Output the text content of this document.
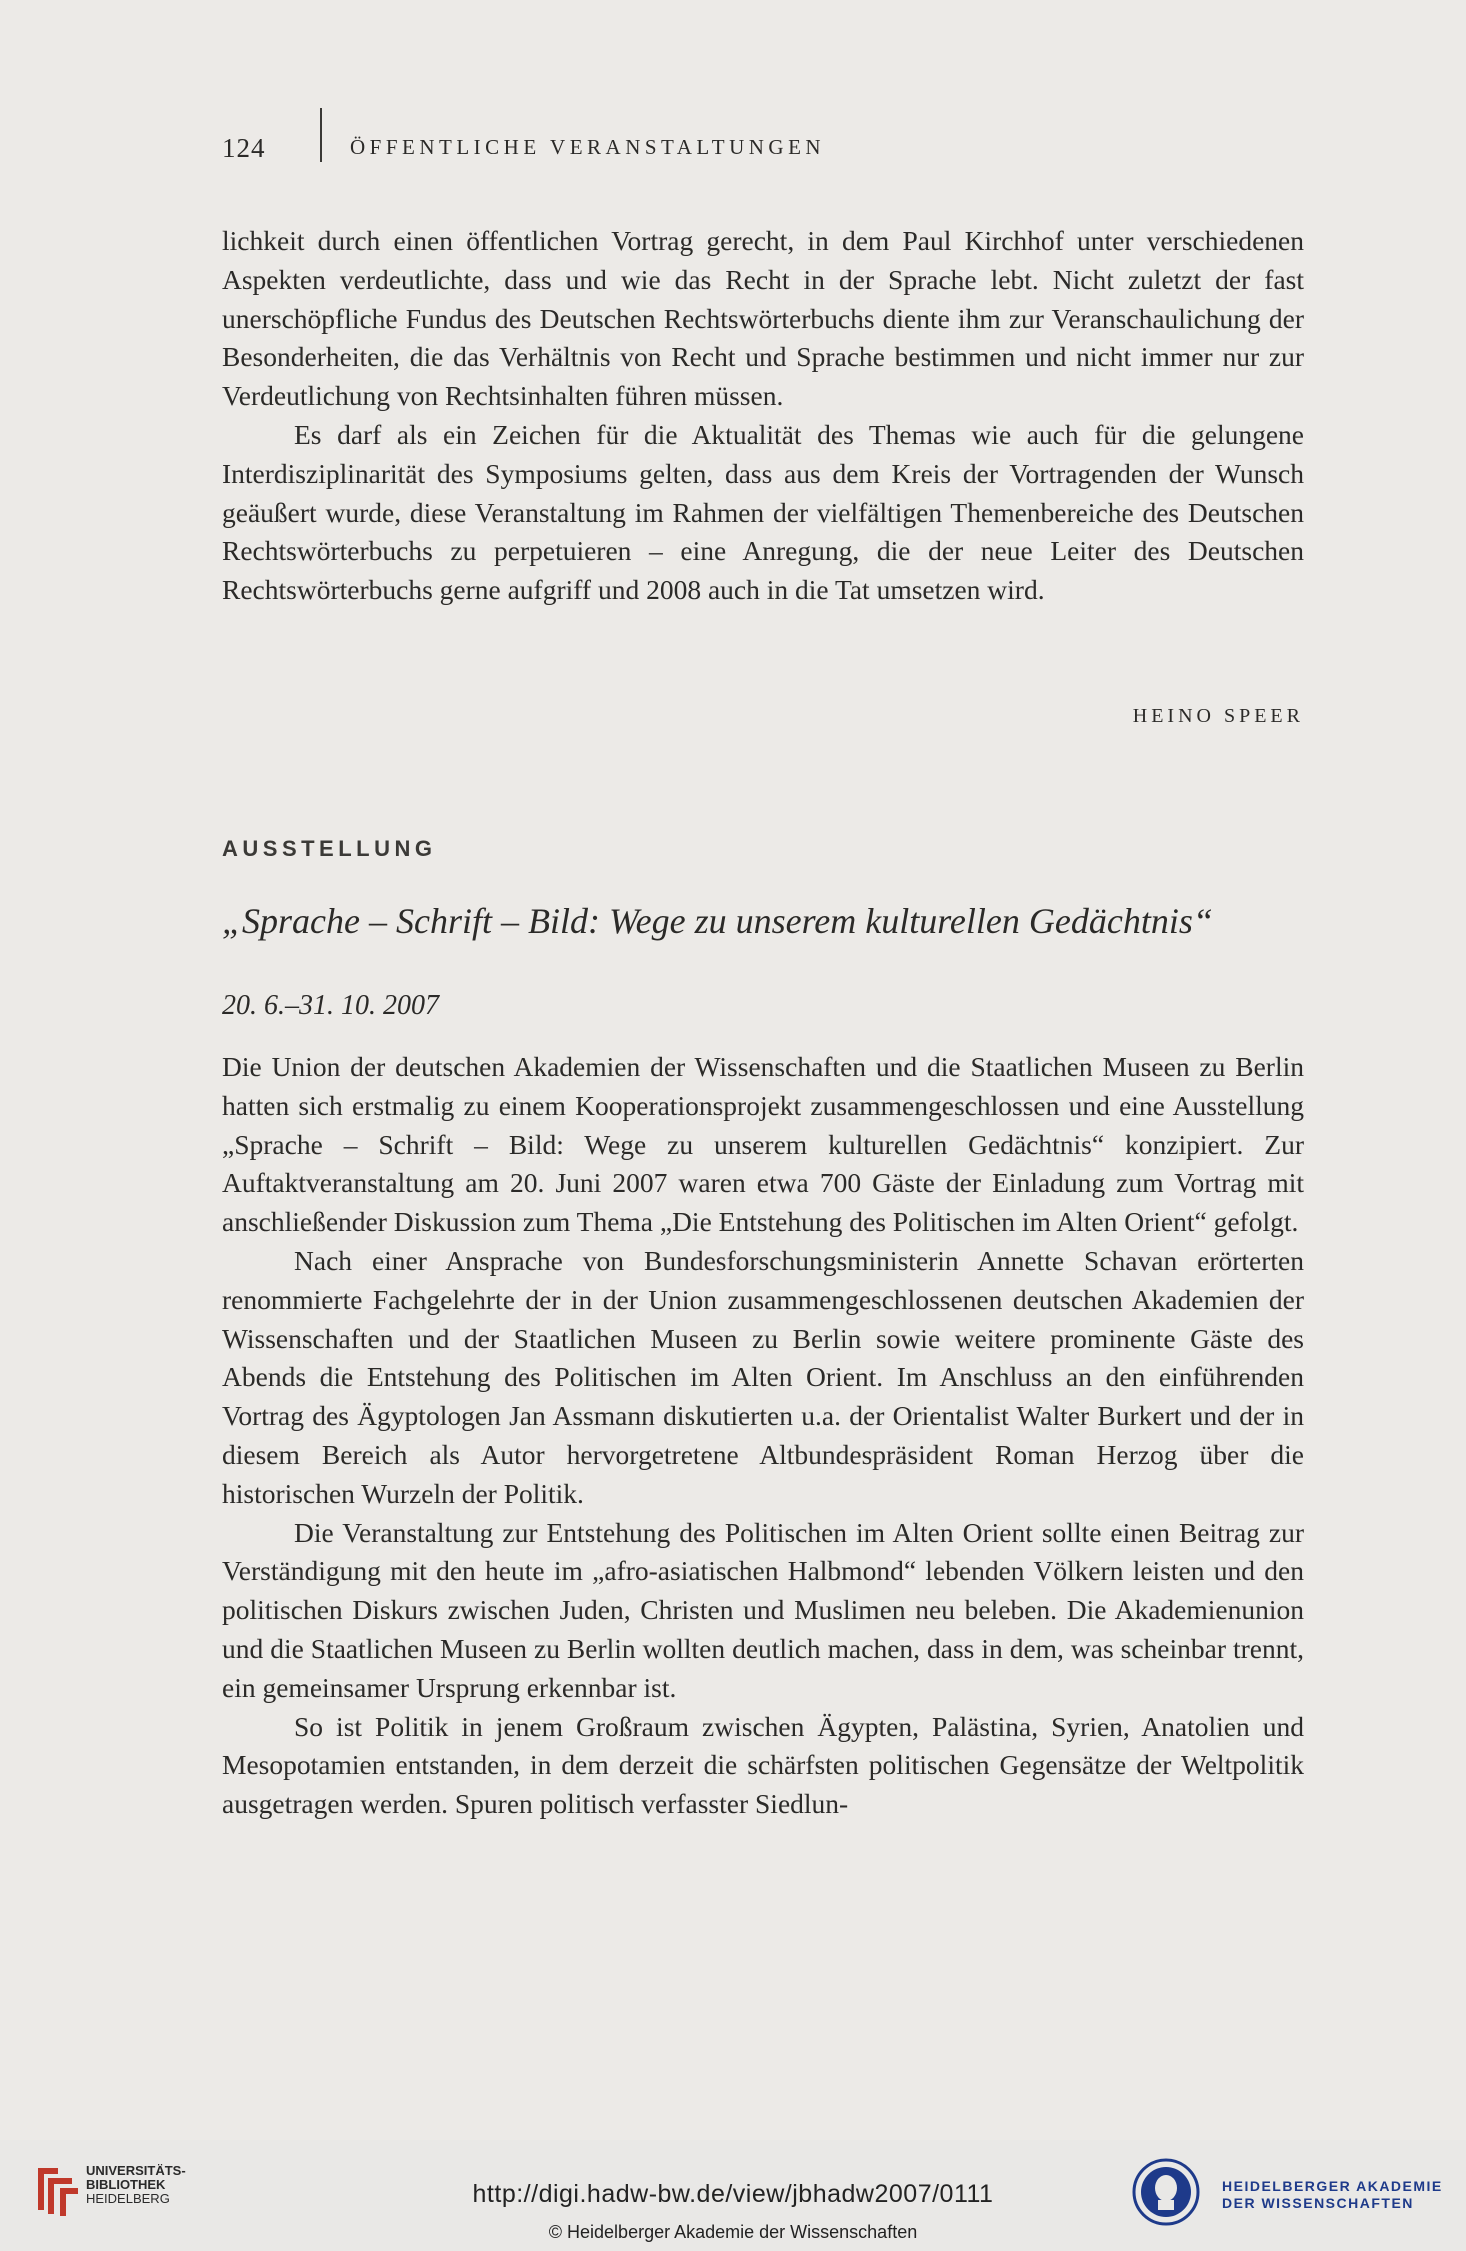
124	ÖFFENTLICHE VERANSTALTUNGEN

lichkeit durch einen öffentlichen Vortrag gerecht, in dem Paul Kirchhof unter verschiedenen Aspekten verdeutlichte, dass und wie das Recht in der Sprache lebt. Nicht zuletzt der fast unerschöpfliche Fundus des Deutschen Rechtswörterbuchs diente ihm zur Veranschaulichung der Besonderheiten, die das Verhältnis von Recht und Sprache bestimmen und nicht immer nur zur Verdeutlichung von Rechtsinhalten führen müssen.

Es darf als ein Zeichen für die Aktualität des Themas wie auch für die gelungene Interdisziplinarität des Symposiums gelten, dass aus dem Kreis der Vortragenden der Wunsch geäußert wurde, diese Veranstaltung im Rahmen der vielfältigen Themenbereiche des Deutschen Rechtswörterbuchs zu perpetuieren – eine Anregung, die der neue Leiter des Deutschen Rechtswörterbuchs gerne aufgriff und 2008 auch in die Tat umsetzen wird.

HEINO SPEER
AUSSTELLUNG
„Sprache – Schrift – Bild: Wege zu unserem kulturellen Gedächtnis“
20. 6.–31. 10. 2007

Die Union der deutschen Akademien der Wissenschaften und die Staatlichen Museen zu Berlin hatten sich erstmalig zu einem Kooperationsprojekt zusammengeschlossen und eine Ausstellung „Sprache – Schrift – Bild: Wege zu unserem kulturellen Gedächtnis“ konzipiert. Zur Auftaktveranstaltung am 20. Juni 2007 waren etwa 700 Gäste der Einladung zum Vortrag mit anschließender Diskussion zum Thema „Die Entstehung des Politischen im Alten Orient“ gefolgt.

Nach einer Ansprache von Bundesforschungsministerin Annette Schavan erörterten renommierte Fachgelehrte der in der Union zusammengeschlossenen deutschen Akademien der Wissenschaften und der Staatlichen Museen zu Berlin sowie weitere prominente Gäste des Abends die Entstehung des Politischen im Alten Orient. Im Anschluss an den einführenden Vortrag des Ägyptologen Jan Assmann diskutierten u.a. der Orientalist Walter Burkert und der in diesem Bereich als Autor hervorgetretene Altbundespräsident Roman Herzog über die historischen Wurzeln der Politik.

Die Veranstaltung zur Entstehung des Politischen im Alten Orient sollte einen Beitrag zur Verständigung mit den heute im „afro-asiatischen Halbmond“ lebenden Völkern leisten und den politischen Diskurs zwischen Juden, Christen und Muslimen neu beleben. Die Akademienunion und die Staatlichen Museen zu Berlin wollten deutlich machen, dass in dem, was scheinbar trennt, ein gemeinsamer Ursprung erkennbar ist.

So ist Politik in jenem Großraum zwischen Ägypten, Palästina, Syrien, Anatolien und Mesopotamien entstanden, in dem derzeit die schärfsten politischen Gegensätze der Weltpolitik ausgetragen werden. Spuren politisch verfasster Siedlun-

UNIVERSITÄTS-
BIBLIOTHEK
HEIDELBERG	http://digi.hadw-bw.de/view/jbhadw2007/0111
© Heidelberger Akademie der Wissenschaften
HEIDELBERGER AKADEMIE
DER WISSENSCHAFTEN
